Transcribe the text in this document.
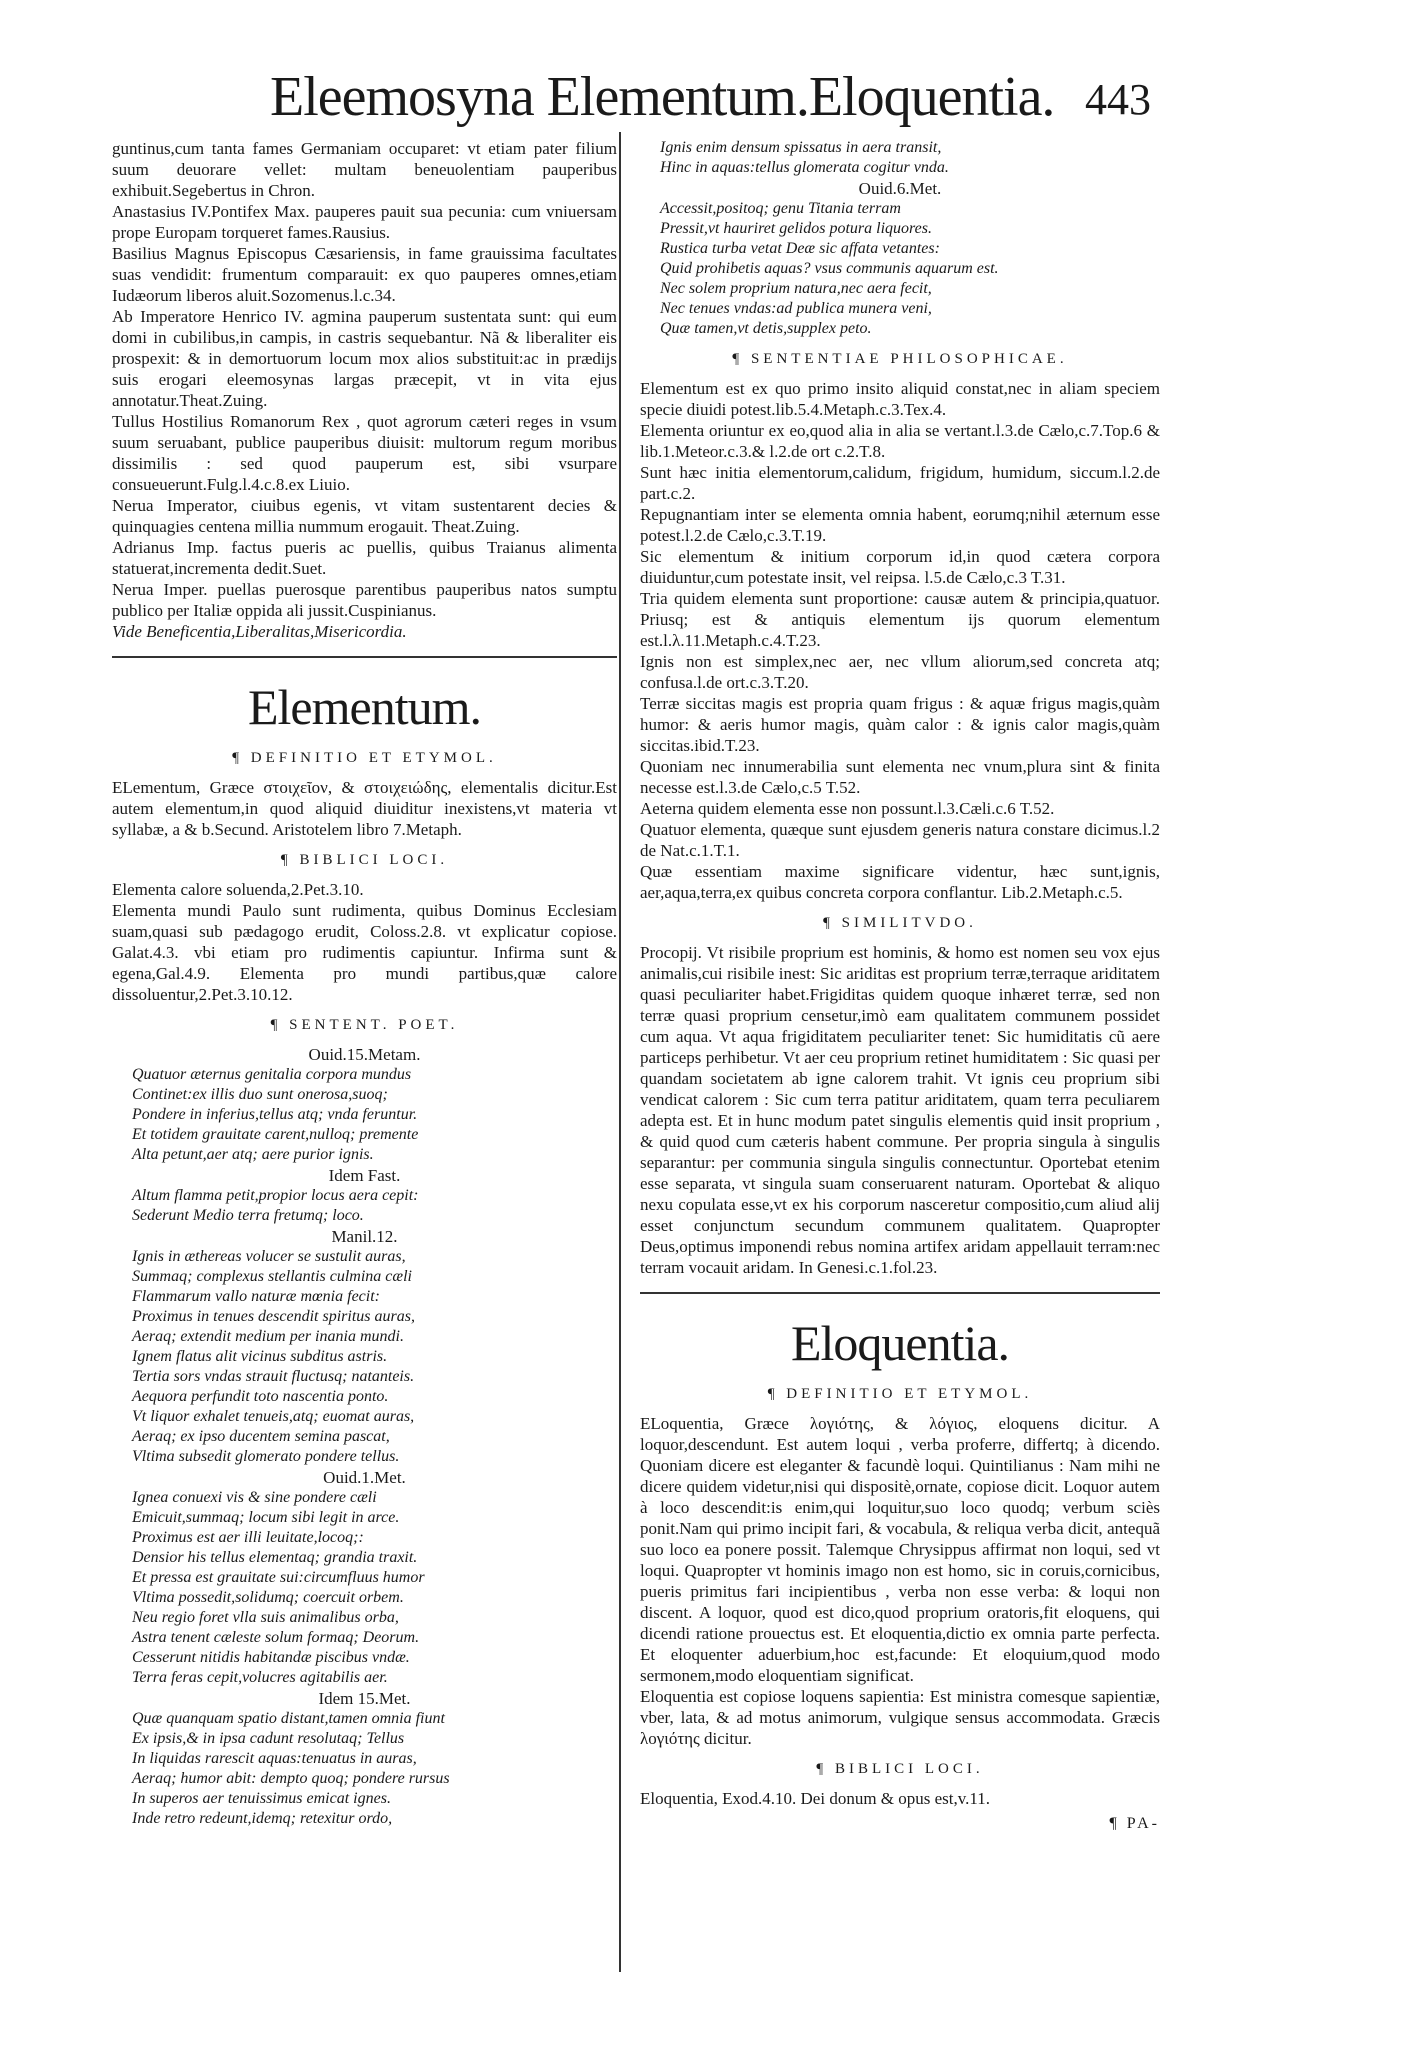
Eleemosyna Elementum.Eloquentia. 443

guntinus,cum tanta fames Germaniam occuparet: vt etiam pater filium suum deuorare vellet: multam beneuolentiam pauperibus exhibuit.Segebertus in Chron.

Anastasius IV.Pontifex Max. pauperes pauit sua pecunia: cum vniuersam prope Europam torqueret fames.Rausius.

Basilius Magnus Episcopus Cæsariensis, in fame grauissima facultates suas vendidit: frumentum comparauit: ex quo pauperes omnes,etiam Iudæorum liberos aluit.Sozomenus.l.c.34.

Ab Imperatore Henrico IV. agmina pauperum sustentata sunt: qui eum domi in cubilibus,in campis, in castris sequebantur. Nã & liberaliter eis prospexit: & in demortuorum locum mox alios substituit:ac in prædijs suis erogari eleemosynas largas præcepit, vt in vita ejus annotatur.Theat.Zuing.

Tullus Hostilius Romanorum Rex , quot agrorum cæteri reges in vsum suum seruabant, publice pauperibus diuisit: multorum regum moribus dissimilis : sed quod pauperum est, sibi vsurpare consueuerunt.Fulg.l.4.c.8.ex Liuio.

Nerua Imperator, ciuibus egenis, vt vitam sustentarent decies & quinquagies centena millia nummum erogauit. Theat.Zuing.

Adrianus Imp. factus pueris ac puellis, quibus Traianus alimenta statuerat,incrementa dedit.Suet.

Nerua Imper. puellas puerosque parentibus pauperibus natos sumptu publico per Italiæ oppida ali jussit.Cuspinianus.

Vide Beneficentia,Liberalitas,Misericordia.

Elementum.
¶ DEFINITIO ET ETYMOL.

ELementum, Græce στοιχεῖον, & στοιχειώδης, elementalis dicitur.Est autem elementum,in quod aliquid diuiditur inexistens,vt materia vt syllabæ, a & b.Secund. Aristotelem libro 7.Metaph.

¶ BIBLICI LOCI.

Elementa calore soluenda,2.Pet.3.10.

Elementa mundi Paulo sunt rudimenta, quibus Dominus Ecclesiam suam,quasi sub pædagogo erudit, Coloss.2.8. vt explicatur copiose. Galat.4.3. vbi etiam pro rudimentis capiuntur. Infirma sunt & egena,Gal.4.9. Elementa pro mundi partibus,quæ calore dissoluentur,2.Pet.3.10.12.

¶ SENTENT. POET.

Ouid.15.Metam.

Quatuor æternus genitalia corpora mundus

Continet:ex illis duo sunt onerosa,suoq;

Pondere in inferius,tellus atq; vnda feruntur.

Et totidem grauitate carent,nulloq; premente

Alta petunt,aer atq; aere purior ignis.

Idem Fast.

Altum flamma petit,propior locus aera cepit:

Sederunt Medio terra fretumq; loco.

Manil.12.

Ignis in æthereas volucer se sustulit auras,

Summaq; complexus stellantis culmina cæli

Flammarum vallo naturæ mœnia fecit:

Proximus in tenues descendit spiritus auras,

Aeraq; extendit medium per inania mundi.

Ignem flatus alit vicinus subditus astris.

Tertia sors vndas strauit fluctusq; natanteis.

Aequora perfundit toto nascentia ponto.

Vt liquor exhalet tenueis,atq; euomat auras,

Aeraq; ex ipso ducentem semina pascat,

Vltima subsedit glomerato pondere tellus.

Ouid.1.Met.

Ignea conuexi vis & sine pondere cæli

Emicuit,summaq; locum sibi legit in arce.

Proximus est aer illi leuitate,locoq;:

Densior his tellus elementaq; grandia traxit.

Et pressa est grauitate sui:circumfluus humor

Vltima possedit,solidumq; coercuit orbem.

Neu regio foret vlla suis animalibus orba,

Astra tenent cæleste solum formaq; Deorum.

Cesserunt nitidis habitandæ piscibus vndæ.

Terra feras cepit,volucres agitabilis aer.

Idem 15.Met.

Quæ quanquam spatio distant,tamen omnia fiunt

Ex ipsis,& in ipsa cadunt resolutaq; Tellus

In liquidas rarescit aquas:tenuatus in auras,

Aeraq; humor abit: dempto quoq; pondere rursus

In superos aer tenuissimus emicat ignes.

Inde retro redeunt,idemq; retexitur ordo,

Ignis enim densum spissatus in aera transit,

Hinc in aquas:tellus glomerata cogitur vnda.

Ouid.6.Met.

Accessit,positoq; genu Titania terram

Pressit,vt hauriret gelidos potura liquores.

Rustica turba vetat Deæ sic affata vetantes:

Quid prohibetis aquas? vsus communis aquarum est.

Nec solem proprium natura,nec aera fecit,

Nec tenues vndas:ad publica munera veni,

Quæ tamen,vt detis,supplex peto.

¶ SENTENTIAE PHILOSOPHICAE.

Elementum est ex quo primo insito aliquid constat,nec in aliam speciem specie diuidi potest.lib.5.4.Metaph.c.3.Tex.4.

Elementa oriuntur ex eo,quod alia in alia se vertant.l.3.de Cælo,c.7.Top.6 & lib.1.Meteor.c.3.& l.2.de ort c.2.T.8.

Sunt hæc initia elementorum,calidum, frigidum, humidum, siccum.l.2.de part.c.2.

Repugnantiam inter se elementa omnia habent, eorumq;nihil æternum esse potest.l.2.de Cælo,c.3.T.19.

Sic elementum & initium corporum id,in quod cætera corpora diuiduntur,cum potestate insit, vel reipsa. l.5.de Cælo,c.3 T.31.

Tria quidem elementa sunt proportione: causæ autem & principia,quatuor. Priusq; est & antiquis elementum ijs quorum elementum est.l.λ.11.Metaph.c.4.T.23.

Ignis non est simplex,nec aer, nec vllum aliorum,sed concreta atq; confusa.l.de ort.c.3.T.20.

Terræ siccitas magis est propria quam frigus : & aquæ frigus magis,quàm humor: & aeris humor magis, quàm calor : & ignis calor magis,quàm siccitas.ibid.T.23.

Quoniam nec innumerabilia sunt elementa nec vnum,plura sint & finita necesse est.l.3.de Cælo,c.5 T.52.

Aeterna quidem elementa esse non possunt.l.3.Cæli.c.6 T.52.

Quatuor elementa, quæque sunt ejusdem generis natura constare dicimus.l.2 de Nat.c.1.T.1.

Quæ essentiam maxime significare videntur, hæc sunt,ignis, aer,aqua,terra,ex quibus concreta corpora conflantur. Lib.2.Metaph.c.5.

¶ SIMILITVDO.

Procopij. Vt risibile proprium est hominis, & homo est nomen seu vox ejus animalis,cui risibile inest: Sic ariditas est proprium terræ,terraque ariditatem quasi peculiariter habet.Frigiditas quidem quoque inhæret terræ, sed non terræ quasi proprium censetur,imò eam qualitatem communem possidet cum aqua. Vt aqua frigiditatem peculiariter tenet: Sic humiditatis cũ aere particeps perhibetur. Vt aer ceu proprium retinet humiditatem : Sic quasi per quandam societatem ab igne calorem trahit. Vt ignis ceu proprium sibi vendicat calorem : Sic cum terra patitur ariditatem, quam terra peculiarem adepta est. Et in hunc modum patet singulis elementis quid insit proprium , & quid quod cum cæteris habent commune. Per propria singula à singulis separantur: per communia singula singulis connectuntur. Oportebat etenim esse separata, vt singula suam conseruarent naturam. Oportebat & aliquo nexu copulata esse,vt ex his corporum nasceretur compositio,cum aliud alij esset conjunctum secundum communem qualitatem. Quapropter Deus,optimus imponendi rebus nomina artifex aridam appellauit terram:nec terram vocauit aridam. In Genesi.c.1.fol.23.

Eloquentia.
¶ DEFINITIO ET ETYMOL.

ELoquentia, Græce λογιότης, & λόγιος, eloquens dicitur. A loquor,descendunt. Est autem loqui , verba proferre, differtq; à dicendo. Quoniam dicere est eleganter & facundè loqui. Quintilianus : Nam mihi ne dicere quidem videtur,nisi qui dispositè,ornate, copiose dicit. Loquor autem à loco descendit:is enim,qui loquitur,suo loco quodq; verbum sciès ponit.Nam qui primo incipit fari, & vocabula, & reliqua verba dicit, antequã suo loco ea ponere possit. Talemque Chrysippus affirmat non loqui, sed vt loqui. Quapropter vt hominis imago non est homo, sic in coruis,cornicibus, pueris primitus fari incipientibus , verba non esse verba: & loqui non discent. A loquor, quod est dico,quod proprium oratoris,fit eloquens, qui dicendi ratione prouectus est. Et eloquentia,dictio ex omnia parte perfecta. Et eloquenter aduerbium,hoc est,facunde: Et eloquium,quod modo sermonem,modo eloquentiam significat.

Eloquentia est copiose loquens sapientia: Est ministra comesque sapientiæ, vber, lata, & ad motus animorum, vulgique sensus accommodata. Græcis λογιότης dicitur.

¶ BIBLICI LOCI.

Eloquentia, Exod.4.10. Dei donum & opus est,v.11.

¶ PA-
